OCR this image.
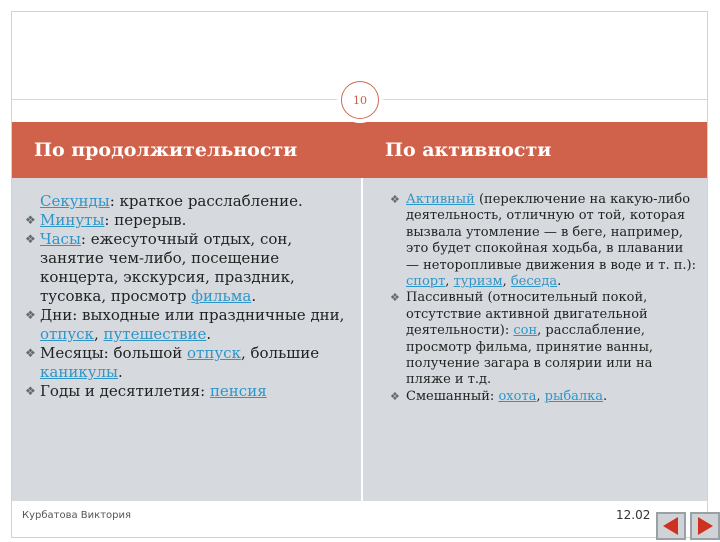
10
По продолжительности	По активности
Секунды: краткое расслабление.
❖ Минуты: перерыв.
❖ Часы: ежесуточный отдых, сон, занятие чем-либо, посещение концерта, экскурсия, праздник, тусовка, просмотр фильма.
❖ Дни: выходные или праздничные дни, отпуск, путешествие.
❖ Месяцы: большой отпуск, большие каникулы.
❖ Годы и десятилетия: пенсия
❖ Активный (переключение на какую-либо деятельность, отличную от той, которая вызвала утомление — в беге, например, это будет спокойная ходьба, в плавании — неторопливые движения в воде и т. п.): спорт, туризм, беседа.
❖ Пассивный (относительный покой, отсутствие активной двигательной деятельности): сон, расслабление, просмотр фильма, принятие ванны, получение загара в солярии или на пляже и т.д.
❖ Смешанный: охота, рыбалка.
Курбатова Виктория	12.02
